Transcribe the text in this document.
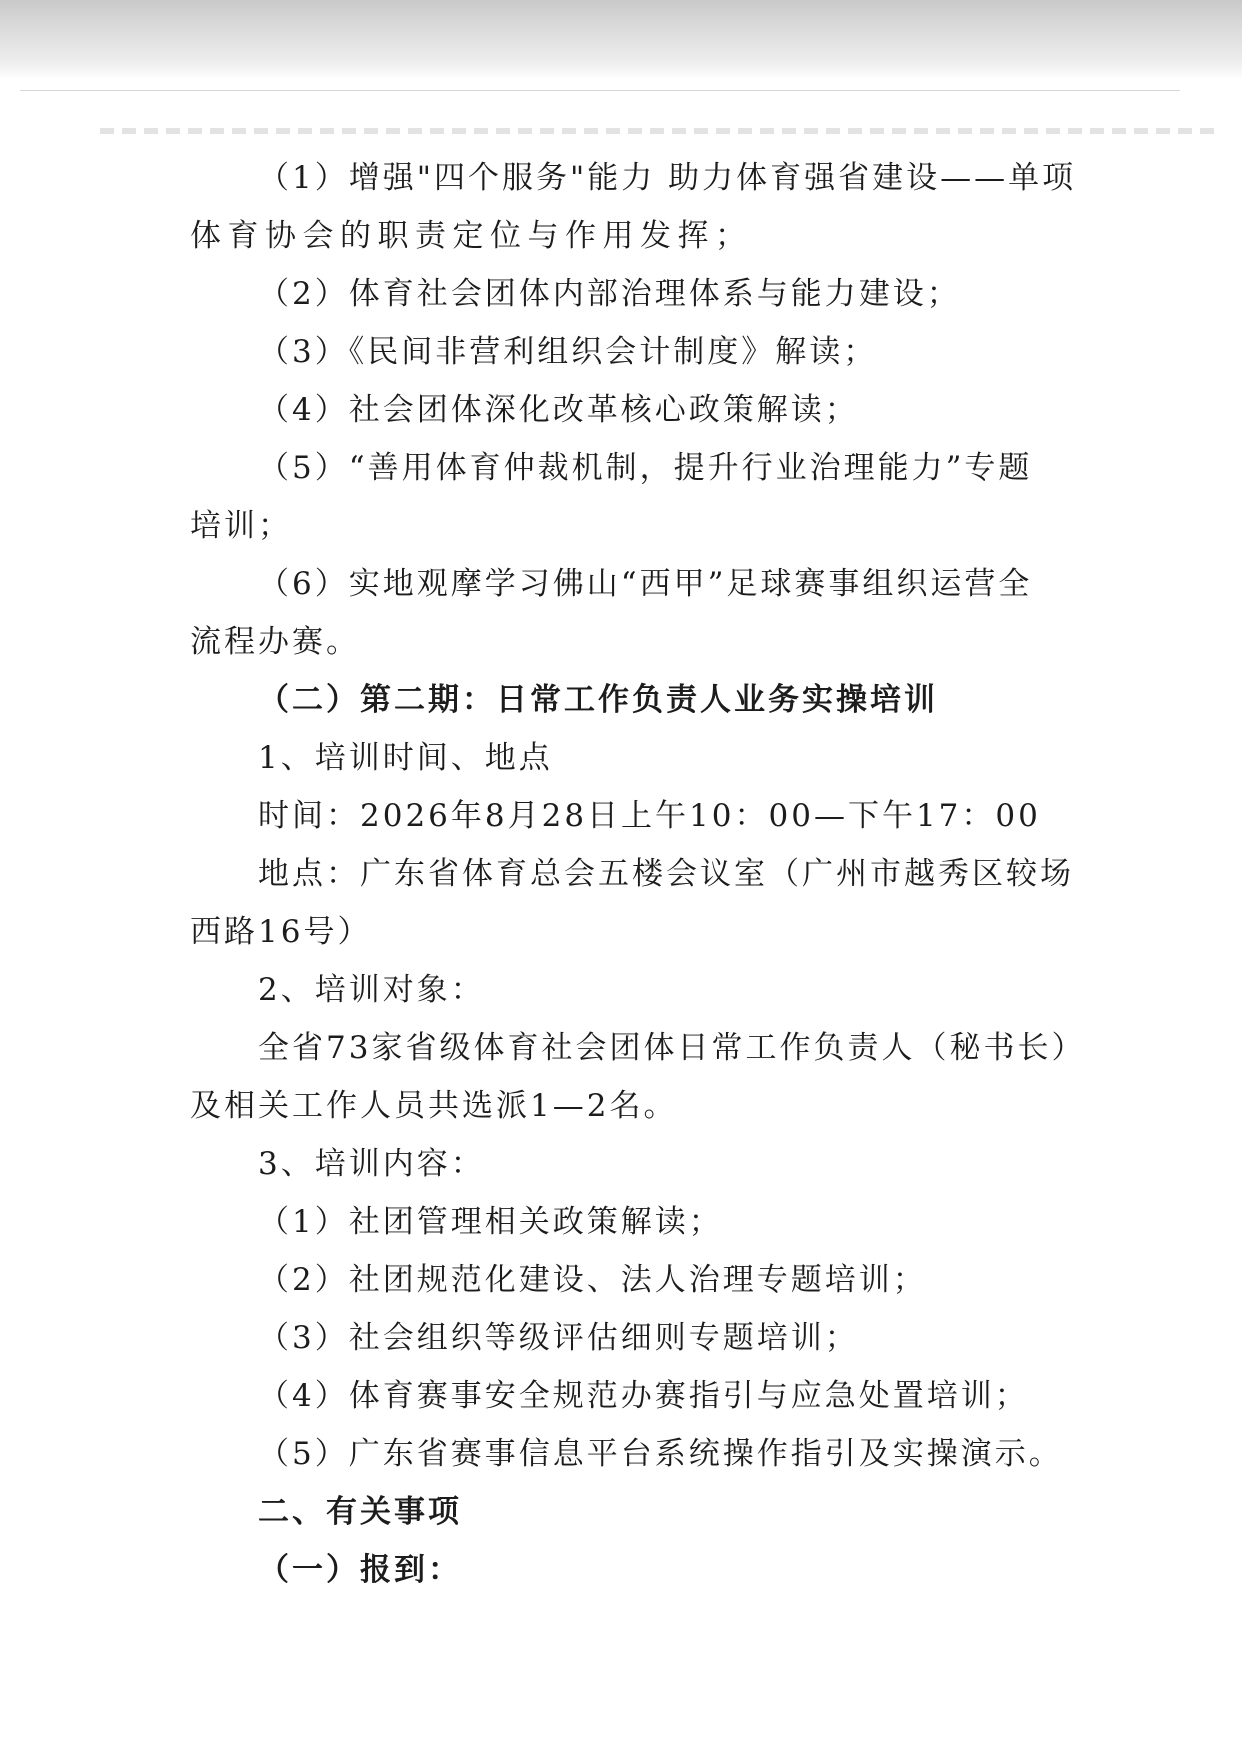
（1）增强"四个服务"能力 助力体育强省建设——单项
体育协会的职责定位与作用发挥；
（2）体育社会团体内部治理体系与能力建设；
（3）《民间非营利组织会计制度》解读；
（4）社会团体深化改革核心政策解读；
（5）“善用体育仲裁机制，提升行业治理能力”专题
培训；
（6）实地观摩学习佛山“西甲”足球赛事组织运营全
流程办赛。
（二）第二期：日常工作负责人业务实操培训
1、培训时间、地点
时间：2026年8月28日上午10：00—下午17：00
地点：广东省体育总会五楼会议室（广州市越秀区较场
西路16号）
2、培训对象：
全省73家省级体育社会团体日常工作负责人（秘书长）
及相关工作人员共选派1—2名。
3、培训内容：
（1）社团管理相关政策解读；
（2）社团规范化建设、法人治理专题培训；
（3）社会组织等级评估细则专题培训；
（4）体育赛事安全规范办赛指引与应急处置培训；
（5）广东省赛事信息平台系统操作指引及实操演示。
二、有关事项
（一）报到：
